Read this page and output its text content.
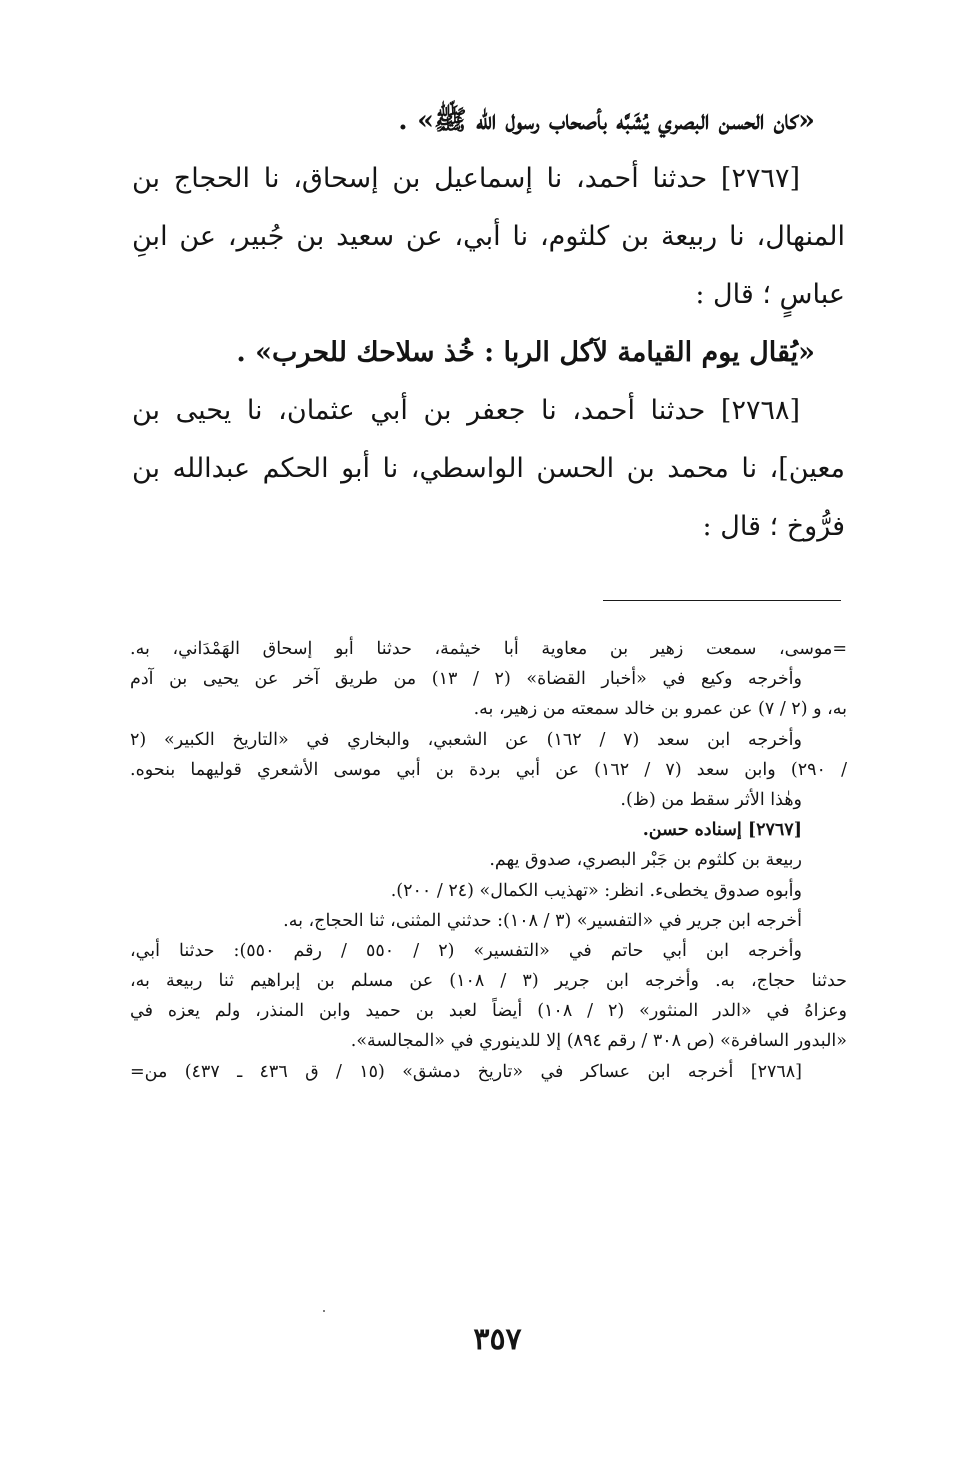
«كان الحسن البصري يُشَبَّه بأصحاب رسول الله ﷺ» .
[٢٧٦٧] حدثنا أحمد، نا إسماعيل بن إسحاق، نا الحجاج بن
المنهال، نا ربيعة بن كلثوم، نا أبي، عن سعيد بن جُبير، عن ابنِ
عباسٍ ؛ قال :
«يُقال يوم القيامة لآكل الربا : خُذ سلاحك للحرب» .
[٢٧٦٨] حدثنا أحمد، نا جعفر بن أبي عثمان، نا يحيى بن
معين]، نا محمد بن الحسن الواسطي، نا أبو الحكم عبدالله بن
فرُّوخ ؛ قال :
=موسى، سمعت زهير بن معاوية أبا خيثمة، حدثنا أبو إسحاق الهَمْدَاني، به.
وأخرجه وكيع في «أخبار القضاة» (٢ / ١٣) من طريق آخر عن يحيى بن آدم
به، و (٢ / ٧) عن عمرو بن خالد سمعته من زهير، به.
وأخرجه ابن سعد (٧ / ١٦٢) عن الشعبي، والبخاري في «التاريخ الكبير» (٢
/ ٢٩٠) وابن سعد (٧ / ١٦٢) عن أبي بردة بن أبي موسى الأشعري قوليهما بنحوه.
وهٰذا الأثر سقط من (ظ).
[٢٧٦٧] إسناده حسن.
ربيعة بن كلثوم بن جَبْر البصري، صدوق يهم.
وأبوه صدوق يخطىء. انظر: «تهذيب الكمال» (٢٤ / ٢٠٠).
أخرجه ابن جرير في «التفسير» (٣ / ١٠٨): حدثني المثنى، ثنا الحجاج، به.
وأخرجه ابن أبي حاتم في «التفسير» (٢ / ٥٥٠ / رقم ٥٥٠): حدثنا أبي،
حدثنا حجاج، به. وأخرجه ابن جرير (٣ / ١٠٨) عن مسلم بن إبراهيم ثنا ربيعة به،
وعزاهُ في «الدر المنثور» (٢ / ١٠٨) أيضاً لعبد بن حميد وابن المنذر، ولم يعزه في
«البدور السافرة» (ص ٣٠٨ / رقم ٨٩٤) إلا للدينوري في «المجالسة».
[٢٧٦٨] أخرجه ابن عساكر في «تاريخ دمشق» (١٥ / ق ٤٣٦ ـ ٤٣٧) من=
٣٥٧
